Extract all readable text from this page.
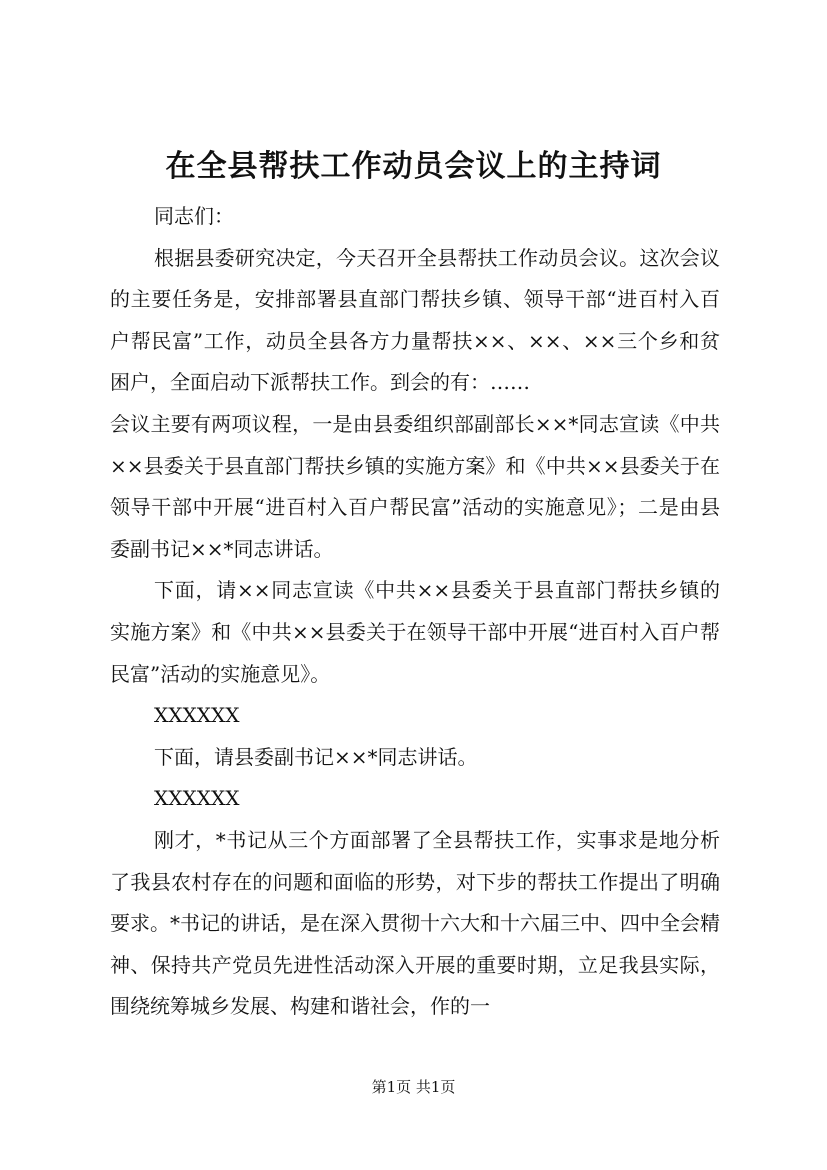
在全县帮扶工作动员会议上的主持词

同志们：

根据县委研究决定，今天召开全县帮扶工作动员会议。这次会议的主要任务是，安排部署县直部门帮扶乡镇、领导干部“进百村入百户帮民富”工作，动员全县各方力量帮扶××、××、××三个乡和贫困户，全面启动下派帮扶工作。到会的有：……

会议主要有两项议程，一是由县委组织部副部长××*同志宣读《中共××县委关于县直部门帮扶乡镇的实施方案》和《中共××县委关于在领导干部中开展“进百村入百户帮民富”活动的实施意见》；二是由县委副书记××*同志讲话。

下面，请××同志宣读《中共××县委关于县直部门帮扶乡镇的实施方案》和《中共××县委关于在领导干部中开展“进百村入百户帮民富”活动的实施意见》。

XXXXXX

下面，请县委副书记××*同志讲话。

XXXXXX

刚才，*书记从三个方面部署了全县帮扶工作，实事求是地分析了我县农村存在的问题和面临的形势，对下步的帮扶工作提出了明确要求。*书记的讲话，是在深入贯彻十六大和十六届三中、四中全会精神、保持共产党员先进性活动深入开展的重要时期，立足我县实际，围绕统筹城乡发展、构建和谐社会，作的一

第1页 共1页
